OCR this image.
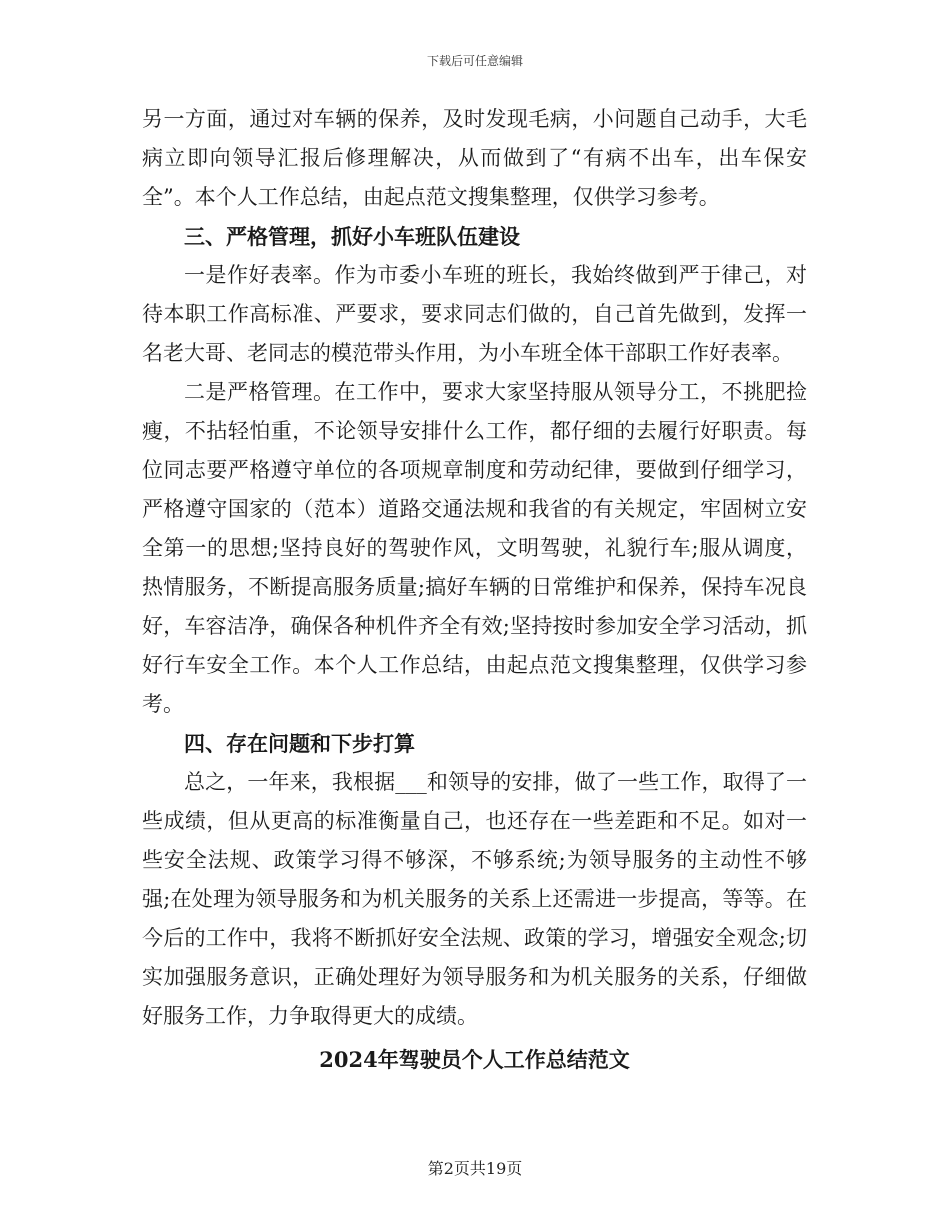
下载后可任意编辑

另一方面，通过对车辆的保养，及时发现毛病，小问题自己动手，大毛病立即向领导汇报后修理解决，从而做到了“有病不出车，出车保安全”。本个人工作总结，由起点范文搜集整理，仅供学习参考。

三、严格管理，抓好小车班队伍建设

一是作好表率。作为市委小车班的班长，我始终做到严于律己，对待本职工作高标准、严要求，要求同志们做的，自己首先做到，发挥一名老大哥、老同志的模范带头作用，为小车班全体干部职工作好表率。

二是严格管理。在工作中，要求大家坚持服从领导分工，不挑肥捡瘦，不拈轻怕重，不论领导安排什么工作，都仔细的去履行好职责。每位同志要严格遵守单位的各项规章制度和劳动纪律，要做到仔细学习，严格遵守国家的（范本）道路交通法规和我省的有关规定，牢固树立安全第一的思想;坚持良好的驾驶作风，文明驾驶，礼貌行车;服从调度，热情服务，不断提高服务质量;搞好车辆的日常维护和保养，保持车况良好，车容洁净，确保各种机件齐全有效;坚持按时参加安全学习活动，抓好行车安全工作。本个人工作总结，由起点范文搜集整理，仅供学习参考。

四、存在问题和下步打算

总之，一年来，我根据___和领导的安排，做了一些工作，取得了一些成绩，但从更高的标准衡量自己，也还存在一些差距和不足。如对一些安全法规、政策学习得不够深，不够系统;为领导服务的主动性不够强;在处理为领导服务和为机关服务的关系上还需进一步提高，等等。在今后的工作中，我将不断抓好安全法规、政策的学习，增强安全观念;切实加强服务意识，正确处理好为领导服务和为机关服务的关系，仔细做好服务工作，力争取得更大的成绩。

2024年驾驶员个人工作总结范文

第2页共19页
